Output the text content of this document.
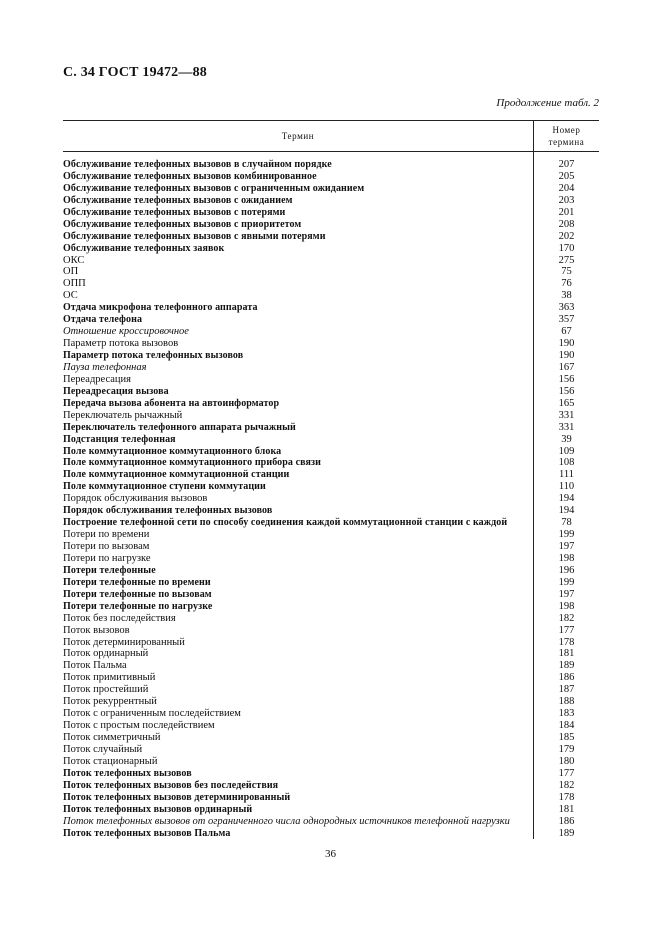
С. 34 ГОСТ 19472—88
Продолжение табл. 2
Термин
Номер
термина
Обслуживание телефонных вызовов в случайном порядке	207
Обслуживание телефонных вызовов комбинированное	205
Обслуживание телефонных вызовов с ограниченным ожиданием	204
Обслуживание телефонных вызовов с ожиданием	203
Обслуживание телефонных вызовов с потерями	201
Обслуживание телефонных вызовов с приоритетом	208
Обслуживание телефонных вызовов с явными потерями	202
Обслуживание телефонных заявок	170
ОКС	275
ОП	75
ОПП	76
ОС	38
Отдача микрофона телефонного аппарата	363
Отдача телефона	357
Отношение кроссировочное	67
Параметр потока вызовов	190
Параметр потока телефонных вызовов	190
Пауза телефонная	167
Переадресация	156
Переадресация вызова	156
Передача вызова абонента на автоинформатор	165
Переключатель рычажный	331
Переключатель телефонного аппарата рычажный	331
Подстанция телефонная	39
Поле коммутационное коммутационного блока	109
Поле коммутационное коммутационного прибора связи	108
Поле коммутационное коммутационной станции	111
Поле коммутационное ступени коммутации	110
Порядок обслуживания вызовов	194
Порядок обслуживания телефонных вызовов	194
Построение телефонной сети по способу соединения каждой коммутационной станции с каждой	78
Потери по времени	199
Потери по вызовам	197
Потери по нагрузке	198
Потери телефонные	196
Потери телефонные по времени	199
Потери телефонные по вызовам	197
Потери телефонные по нагрузке	198
Поток без последействия	182
Поток вызовов	177
Поток детерминированный	178
Поток ординарный	181
Поток Пальма	189
Поток примитивный	186
Поток простейший	187
Поток рекуррентный	188
Поток с ограниченным последействием	183
Поток с простым последействием	184
Поток симметричный	185
Поток случайный	179
Поток стационарный	180
Поток телефонных вызовов	177
Поток телефонных вызовов без последействия	182
Поток телефонных вызовов детерминированный	178
Поток телефонных вызовов ординарный	181
Поток телефонных вызовов от ограниченного числа однородных источников телефонной нагрузки	186
Поток телефонных вызовов Пальма	189
36
